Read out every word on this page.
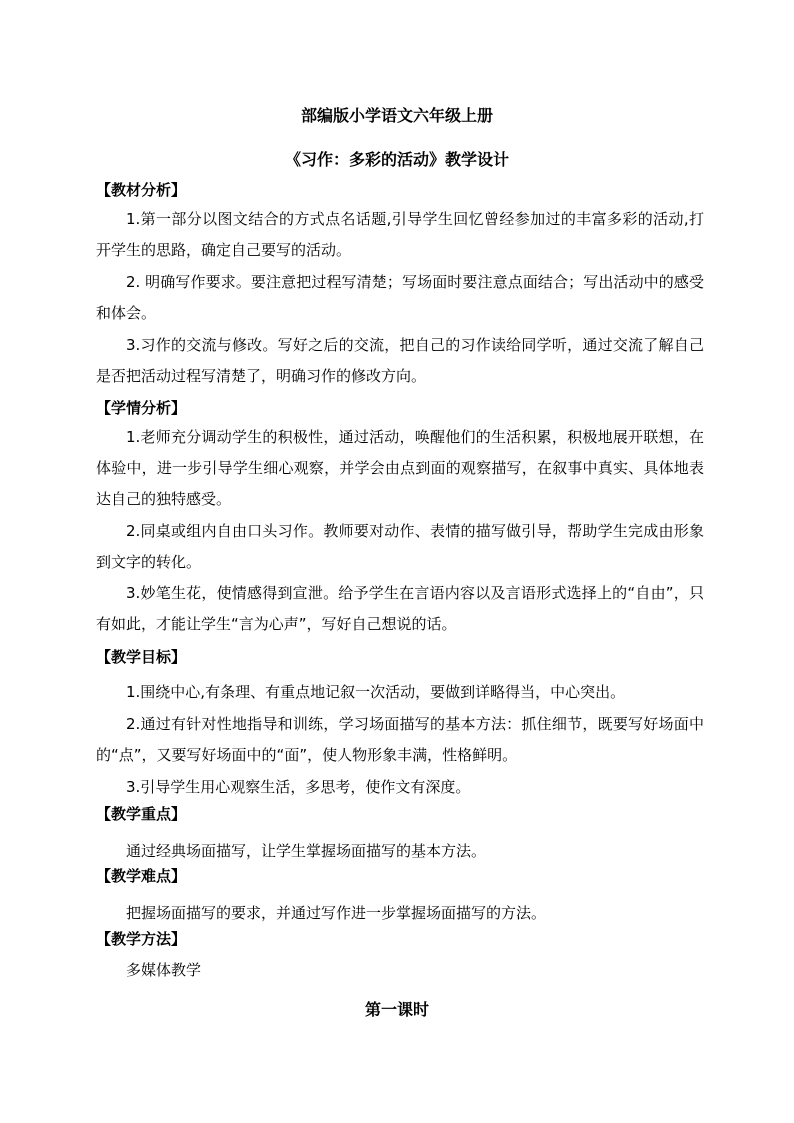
部编版小学语文六年级上册
《习作：多彩的活动》教学设计
【教材分析】
1.第一部分以图文结合的方式点名话题,引导学生回忆曾经参加过的丰富多彩的活动,打开学生的思路，确定自己要写的活动。
2. 明确写作要求。要注意把过程写清楚；写场面时要注意点面结合；写出活动中的感受和体会。
3.习作的交流与修改。写好之后的交流，把自己的习作读给同学听，通过交流了解自己是否把活动过程写清楚了，明确习作的修改方向。
【学情分析】
1.老师充分调动学生的积极性，通过活动，唤醒他们的生活积累，积极地展开联想，在体验中，进一步引导学生细心观察，并学会由点到面的观察描写，在叙事中真实、具体地表达自己的独特感受。
2.同桌或组内自由口头习作。教师要对动作、表情的描写做引导，帮助学生完成由形象到文字的转化。
3.妙笔生花，使情感得到宣泄。给予学生在言语内容以及言语形式选择上的“自由”，只有如此，才能让学生“言为心声”，写好自己想说的话。
【教学目标】
1.围绕中心,有条理、有重点地记叙一次活动，要做到详略得当，中心突出。
2.通过有针对性地指导和训练，学习场面描写的基本方法：抓住细节，既要写好场面中的“点”，又要写好场面中的“面”，使人物形象丰满，性格鲜明。
3.引导学生用心观察生活，多思考，使作文有深度。
【教学重点】
通过经典场面描写，让学生掌握场面描写的基本方法。
【教学难点】
把握场面描写的要求，并通过写作进一步掌握场面描写的方法。
【教学方法】
多媒体教学
第一课时
